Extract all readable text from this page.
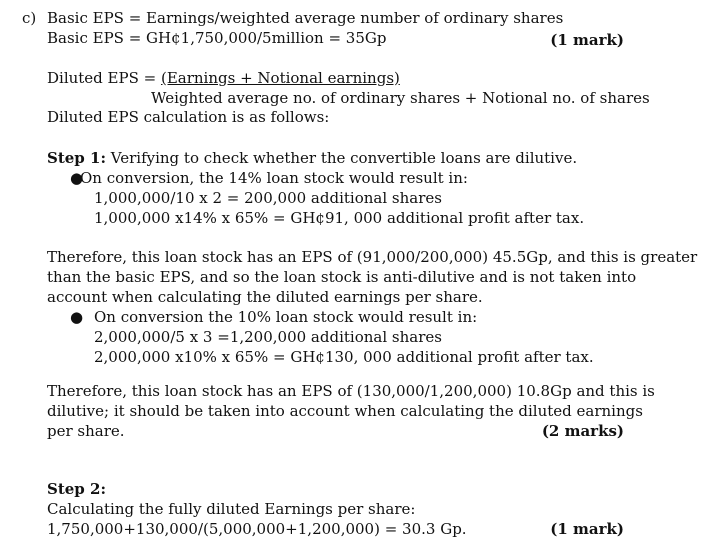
c) Basic EPS = Earnings/weighted average number of ordinary shares
Basic EPS = GH¢1,750,000/5million = 35Gp	(1 mark)
Diluted EPS = (Earnings + Notional earnings)
Weighted average no. of ordinary shares + Notional no. of shares
Diluted EPS calculation is as follows:
Step 1: Verifying to check whether the convertible loans are dilutive.
●
On conversion, the 14% loan stock would result in:
1,000,000/10 x 2 = 200,000 additional shares
1,000,000 x14% x 65% = GH¢91, 000 additional profit after tax.
Therefore, this loan stock has an EPS of (91,000/200,000) 45.5Gp, and this is greater
than the basic EPS, and so the loan stock is anti-dilutive and is not taken into
account when calculating the diluted earnings per share.
● On conversion the 10% loan stock would result in:
2,000,000/5 x 3 =1,200,000 additional shares
2,000,000 x10% x 65% = GH¢130, 000 additional profit after tax.
Therefore, this loan stock has an EPS of (130,000/1,200,000) 10.8Gp and this is
dilutive; it should be taken into account when calculating the diluted earnings
per share.	(2 marks)
Step 2:
Calculating the fully diluted Earnings per share:
1,750,000+130,000/(5,000,000+1,200,000) = 30.3 Gp.	(1 mark)
